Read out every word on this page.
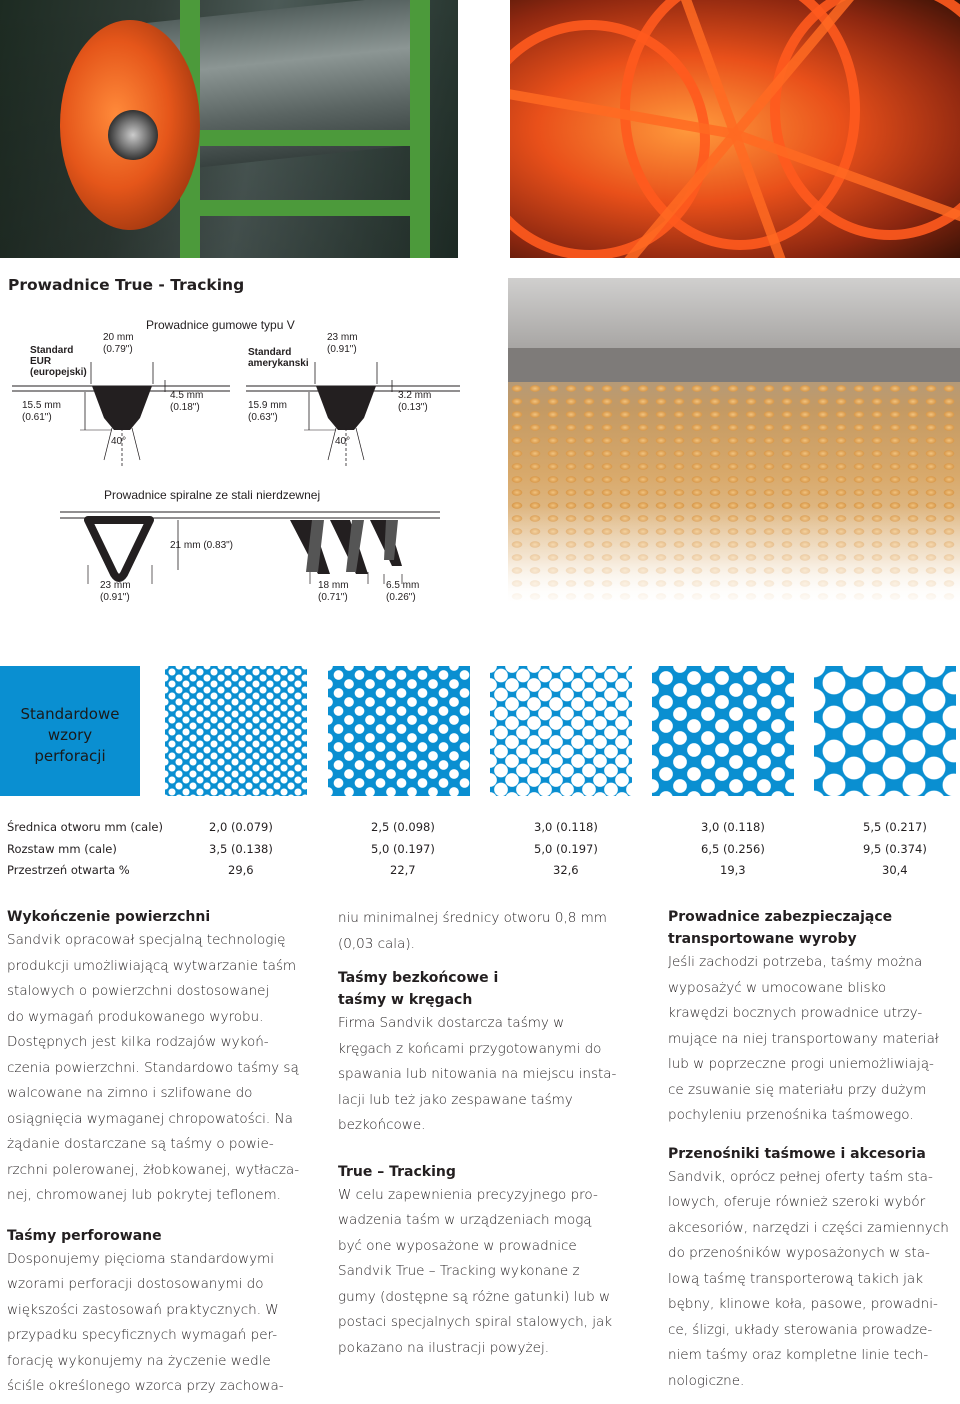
Prowadnice True - Tracking
Prowadnice gumowe typu V
Standard
EUR
(europejski)
20 mm
(0.79")
15.5 mm
(0.61")
4.5 mm
(0.18")
40°
Standard
amerykanski
23 mm
(0.91")
15.9 mm
(0.63")
3.2 mm
(0.13")
40°
Prowadnice spiralne ze stali nierdzewnej
21 mm (0.83")
23 mm
(0.91")
18 mm
(0.71")
6.5 mm
(0.26")
Standardowe
wzory
perforacji
Średnica otworu mm (cale)
Rozstaw mm (cale)
Przestrzeń otwarta %
2,0 (0.079)
3,5 (0.138)
29,6
2,5 (0.098)
5,0 (0.197)
22,7
3,0 (0.118)
5,0 (0.197)
32,6
3,0 (0.118)
6,5 (0.256)
19,3
5,5 (0.217)
9,5 (0.374)
30,4
Wykończenie powierzchni
Sandvik opracował specjalną technologię
produkcji umożliwiającą wytwarzanie taśm
stalowych o powierzchni dostosowanej
do wymagań produkowanego wyrobu.
Dostępnych jest kilka rodzajów wykoń-
czenia powierzchni. Standardowo taśmy są
walcowane na zimno i szlifowane do
osiągnięcia wymaganej chropowatości. Na
żądanie dostarczane są taśmy o powie-
rzchni polerowanej, żłobkowanej, wytłacza-
nej, chromowanej lub pokrytej teflonem.
Taśmy perforowane
Dosponujemy pięcioma standardowymi
wzorami perforacji dostosowanymi do
większości zastosowań praktycznych. W
przypadku specyficznych wymagań per-
forację wykonujemy na życzenie wedle
ściśle określonego wzorca przy zachowa-
niu minimalnej średnicy otworu 0,8 mm
(0,03 cala).
Taśmy bezkońcowe i
taśmy w kręgach
Firma Sandvik dostarcza taśmy w
kręgach z końcami przygotowanymi do
spawania lub nitowania na miejscu insta-
lacji lub też jako zespawane taśmy
bezkońcowe.
True – Tracking
W celu zapewnienia precyzyjnego pro-
wadzenia taśm w urządzeniach mogą
być one wyposażone w prowadnice
Sandvik True – Tracking wykonane z
gumy (dostępne są różne gatunki) lub w
postaci specjalnych spiral stalowych, jak
pokazano na ilustracji powyżej.
Prowadnice zabezpieczające
transportowane wyroby
Jeśli zachodzi potrzeba, taśmy można
wyposażyć w umocowane blisko
krawędzi bocznych prowadnice utrzy-
mujące na niej transportowany materiał
lub w poprzeczne progi uniemożliwiają-
ce zsuwanie się materiału przy dużym
pochyleniu przenośnika taśmowego.
Przenośniki taśmowe i akcesoria
Sandvik, oprócz pełnej oferty taśm sta-
lowych, oferuje również szeroki wybór
akcesoriów, narzędzi i części zamiennych
do przenośników wyposażonych w sta-
lową taśmę transporterową takich jak
bębny, klinowe koła, pasowe, prowadni-
ce, ślizgi, układy sterowania prowadze-
niem taśmy oraz kompletne linie tech-
nologiczne.
